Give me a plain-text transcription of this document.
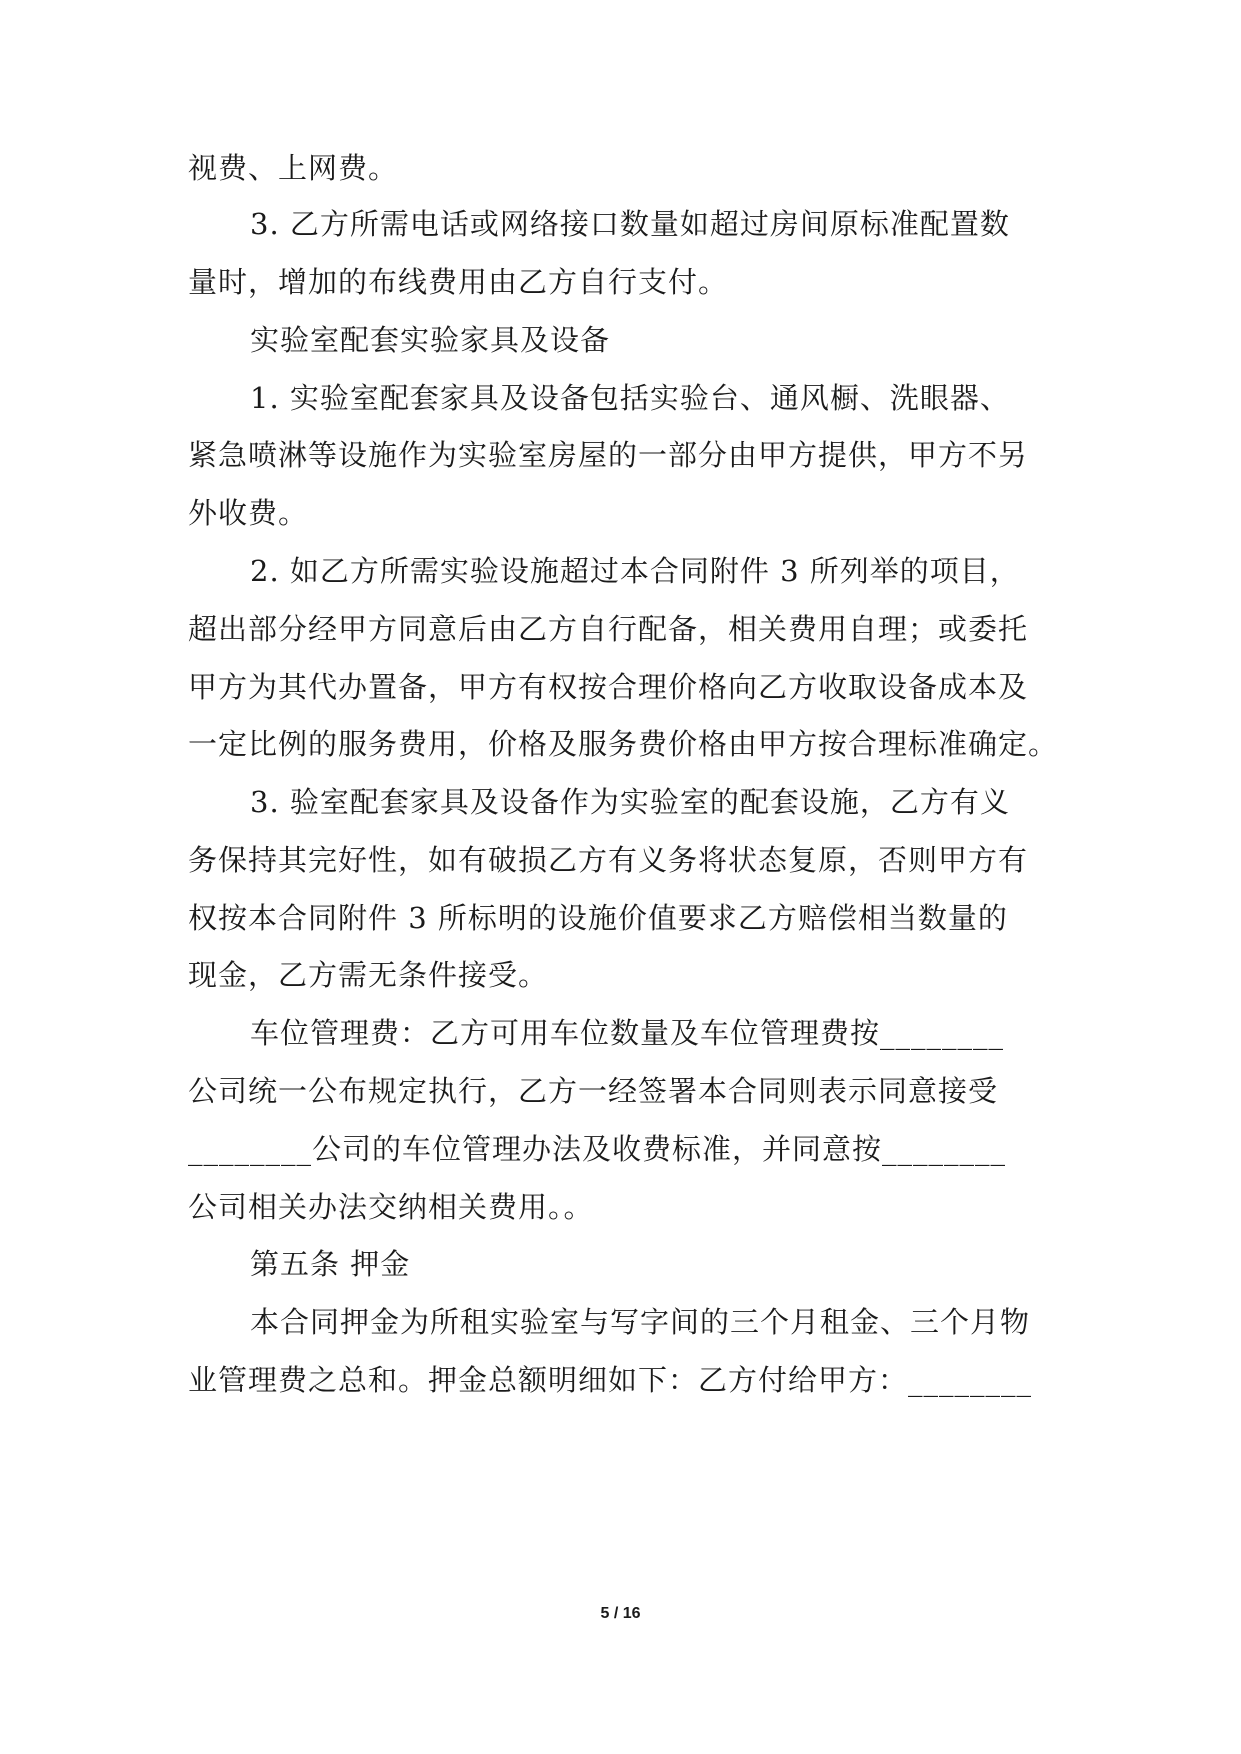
视费、上网费。
3. 乙方所需电话或网络接口数量如超过房间原标准配置数
量时，增加的布线费用由乙方自行支付。
实验室配套实验家具及设备
1. 实验室配套家具及设备包括实验台、通风橱、洗眼器、
紧急喷淋等设施作为实验室房屋的一部分由甲方提供，甲方不另
外收费。
2. 如乙方所需实验设施超过本合同附件 3 所列举的项目，
超出部分经甲方同意后由乙方自行配备，相关费用自理；或委托
甲方为其代办置备，甲方有权按合理价格向乙方收取设备成本及
一定比例的服务费用，价格及服务费价格由甲方按合理标准确定。
3. 验室配套家具及设备作为实验室的配套设施，乙方有义
务保持其完好性，如有破损乙方有义务将状态复原，否则甲方有
权按本合同附件 3 所标明的设施价值要求乙方赔偿相当数量的
现金，乙方需无条件接受。
车位管理费：乙方可用车位数量及车位管理费按________
公司统一公布规定执行，乙方一经签署本合同则表示同意接受
________公司的车位管理办法及收费标准，并同意按________
公司相关办法交纳相关费用。。
第五条 押金
本合同押金为所租实验室与写字间的三个月租金、三个月物
业管理费之总和。押金总额明细如下：乙方付给甲方：________
5 / 16
